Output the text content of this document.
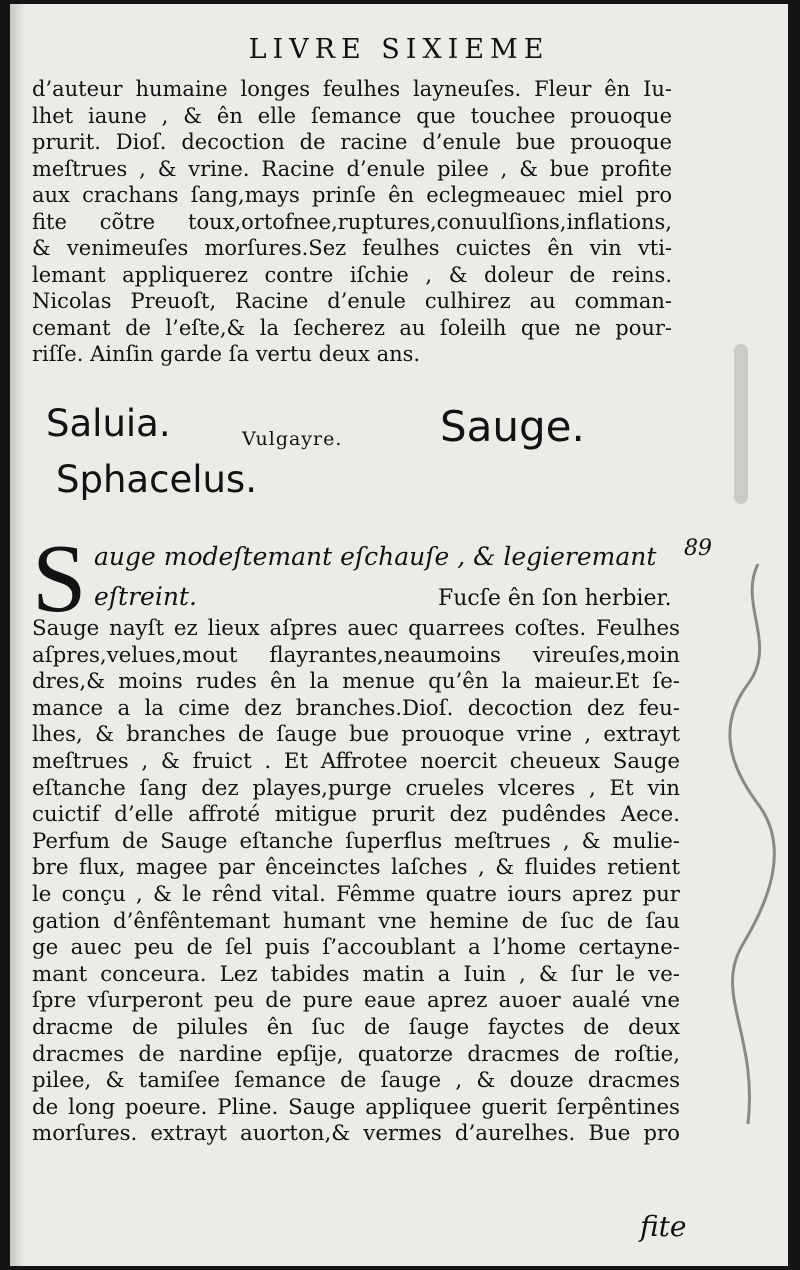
LIVRE SIXIEME
d’auteur humaine longes feulhes layneuſes. Fleur ên Iu-
lhet iaune , & ên elle ſemance que touchee prouoque
prurit. Dioſ. decoction de racine d’enule bue prouoque
meſtrues , & vrine. Racine d’enule pilee , & bue profite
aux crachans ſang,mays prinſe ên eclegmeauec miel pro
fite cõtre toux,ortofnee,ruptures,conuulſions,inflations,
& venimeuſes morſures.Sez feulhes cuictes ên vin vti-
lemant appliquerez contre iſchie , & doleur de reins.
Nicolas Preuoſt, Racine d’enule culhirez au comman-
cemant de l’eſte,& la ſecherez au ſoleilh que ne pour-
riſſe. Ainſin garde ſa vertu deux ans.
Saluia.	Vulgayre. Sauge.
Sphacelus.
89
S auge modeſtemant eſchauſe , & legieremant
eſtreint.	Fucſe ên ſon herbier.
Sauge nayſt ez lieux aſpres auec quarrees coſtes. Feulhes
aſpres,velues,mout flayrantes,neaumoins vireuſes,moin
dres,& moins rudes ên la menue qu’ên la maieur.Et ſe-
mance a la cime dez branches.Dioſ. decoction dez feu-
lhes, & branches de ſauge bue prouoque vrine , extrayt
meſtrues , & fruict . Et Affrotee noercit cheueux Sauge
eſtanche ſang dez playes,purge crueles vlceres , Et vin
cuictif d’elle affroté mitigue prurit dez pudêndes Aece.
Perfum de Sauge eſtanche ſuperflus meſtrues , & mulie-
bre flux, magee par ênceinctes laſches , & fluides retient
le conçu , & le rênd vital. Fêmme quatre iours aprez pur
gation d’ênfêntemant humant vne hemine de ſuc de ſau
ge auec peu de ſel puis ſ’accoublant a l’home certayne-
mant conceura. Lez tabides matin a Iuin , & ſur le ve-
ſpre vſurperont peu de pure eaue aprez auoer aualé vne
dracme de pilules ên ſuc de ſauge fayctes de deux
dracmes de nardine epſije, quatorze dracmes de roſtie,
pilee, & tamiſee ſemance de ſauge , & douze dracmes
de long poeure. Pline. Sauge appliquee guerit ſerpêntines
morſures. extrayt auorton,& vermes d’aurelhes. Bue pro
fite
